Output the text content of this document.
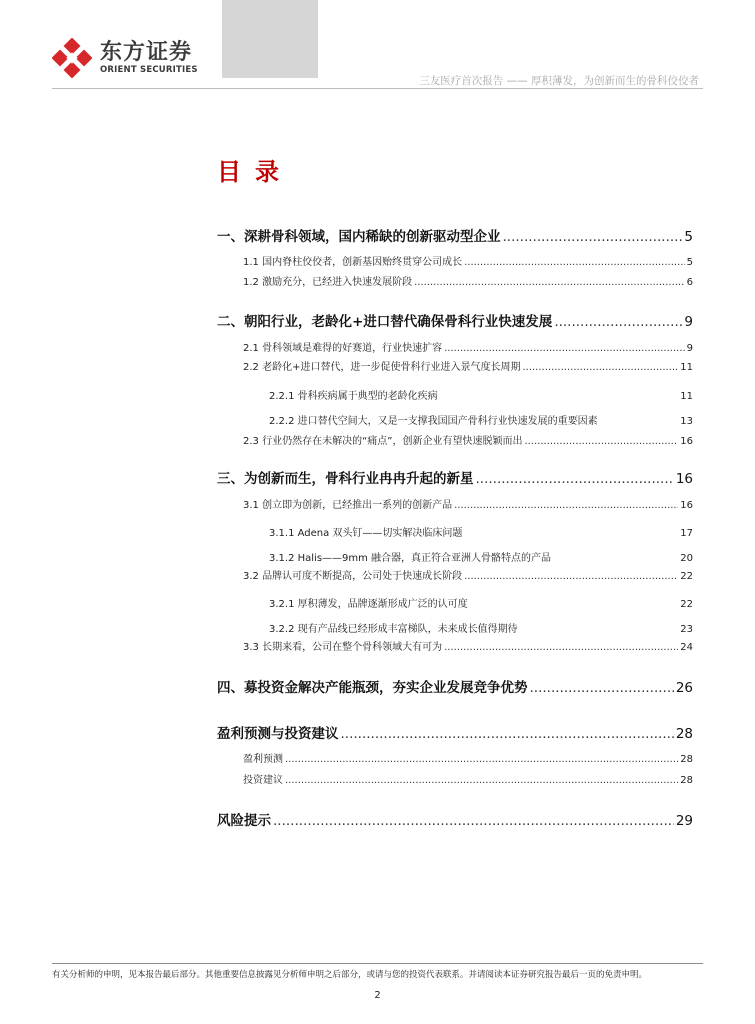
东方证券
ORIENT SECURITIES
三友医疗首次报告 —— 厚积薄发，为创新而生的骨科佼佼者
目录
一、深耕骨科领域，国内稀缺的创新驱动型企业 .....	5
1.1 国内脊柱佼佼者，创新基因贻终贯穿公司成长 .....	5
1.2 激励充分，已经进入快速发展阶段 .....	6
二、朝阳行业，老龄化+进口替代确保骨科行业快速发展 .....	9
2.1 骨科领域是难得的好赛道，行业快速扩容 .....	9
2.2 老龄化+进口替代，进一步促使骨科行业进入景气度长周期 .....	11
2.2.1 骨科疾病属于典型的老龄化疾病	11
2.2.2 进口替代空间大，又是一支撑我国国产骨科行业快速发展的重要因素	13
2.3 行业仍然存在未解决的“痛点”，创新企业有望快速脱颖而出 .....	16
三、为创新而生，骨科行业冉冉升起的新星 .....	16
3.1 创立即为创新，已经推出一系列的创新产品 .....	16
3.1.1 Adena 双头钉——切实解决临床问题	17
3.1.2 Halis——9mm 融合器，真正符合亚洲人骨骼特点的产品	20
3.2 品牌认可度不断提高，公司处于快速成长阶段 .....	22
3.2.1 厚积薄发，品牌逐渐形成广泛的认可度	22
3.2.2 现有产品线已经形成丰富梯队，未来成长值得期待	23
3.3 长期来看，公司在整个骨科领域大有可为 .....	24
四、募投资金解决产能瓶颈，夯实企业发展竞争优势 .....	26
盈利预测与投资建议 .....	28
盈利预测 .....	28
投资建议 .....	28
风险提示 .....	29
有关分析师的申明，见本报告最后部分。其他重要信息披露见分析师申明之后部分，或请与您的投资代表联系。并请阅读本证券研究报告最后一页的免责申明。
2
